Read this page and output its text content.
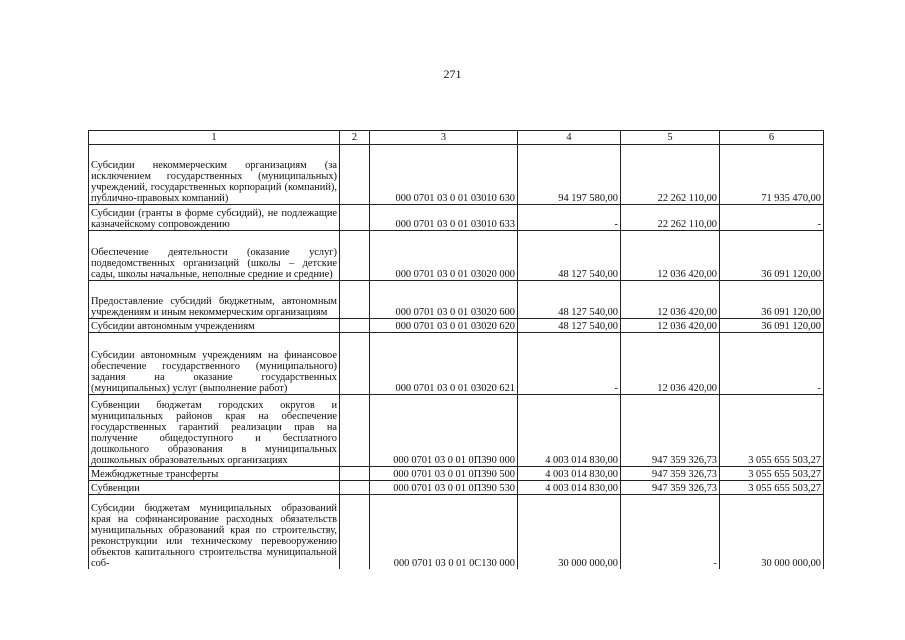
271
1	2	3	4	5	6
Субсидии некоммерческим организациям (за исключением государственных (муниципальных) учреждений, государственных корпораций (компаний), публично-правовых компаний)		000 0701 03 0 01 03010 630	94 197 580,00	22 262 110,00	71 935 470,00
Субсидии (гранты в форме субсидий), не подлежащие казначейскому сопровождению		000 0701 03 0 01 03010 633	-	22 262 110,00	-
Обеспечение деятельности (оказание услуг) подведомственных организаций (школы – детские сады, школы начальные, неполные средние и средние)		000 0701 03 0 01 03020 000	48 127 540,00	12 036 420,00	36 091 120,00
Предоставление субсидий бюджетным, автономным учреждениям и иным некоммерческим организациям		000 0701 03 0 01 03020 600	48 127 540,00	12 036 420,00	36 091 120,00
Субсидии автономным учреждениям		000 0701 03 0 01 03020 620	48 127 540,00	12 036 420,00	36 091 120,00
Субсидии автономным учреждениям на финансовое обеспечение государственного (муниципального) задания на оказание государственных (муниципальных) услуг (выполнение работ)		000 0701 03 0 01 03020 621	-	12 036 420,00	-
Субвенции бюджетам городских округов и муниципальных районов края на обеспечение государственных гарантий реализации прав на получение общедоступного и бесплатного дошкольного образования в муниципальных дошкольных образовательных организациях		000 0701 03 0 01 0П390 000	4 003 014 830,00	947 359 326,73	3 055 655 503,27
Межбюджетные трансферты		000 0701 03 0 01 0П390 500	4 003 014 830,00	947 359 326,73	3 055 655 503,27
Субвенции		000 0701 03 0 01 0П390 530	4 003 014 830,00	947 359 326,73	3 055 655 503,27
Субсидии бюджетам муниципальных образований края на софинансирование расходных обязательств муниципальных образований края по строительству, реконструкции или техническому перевооружению объектов капитального строительства муниципальной соб-		000 0701 03 0 01 0С130 000	30 000 000,00	-	30 000 000,00
